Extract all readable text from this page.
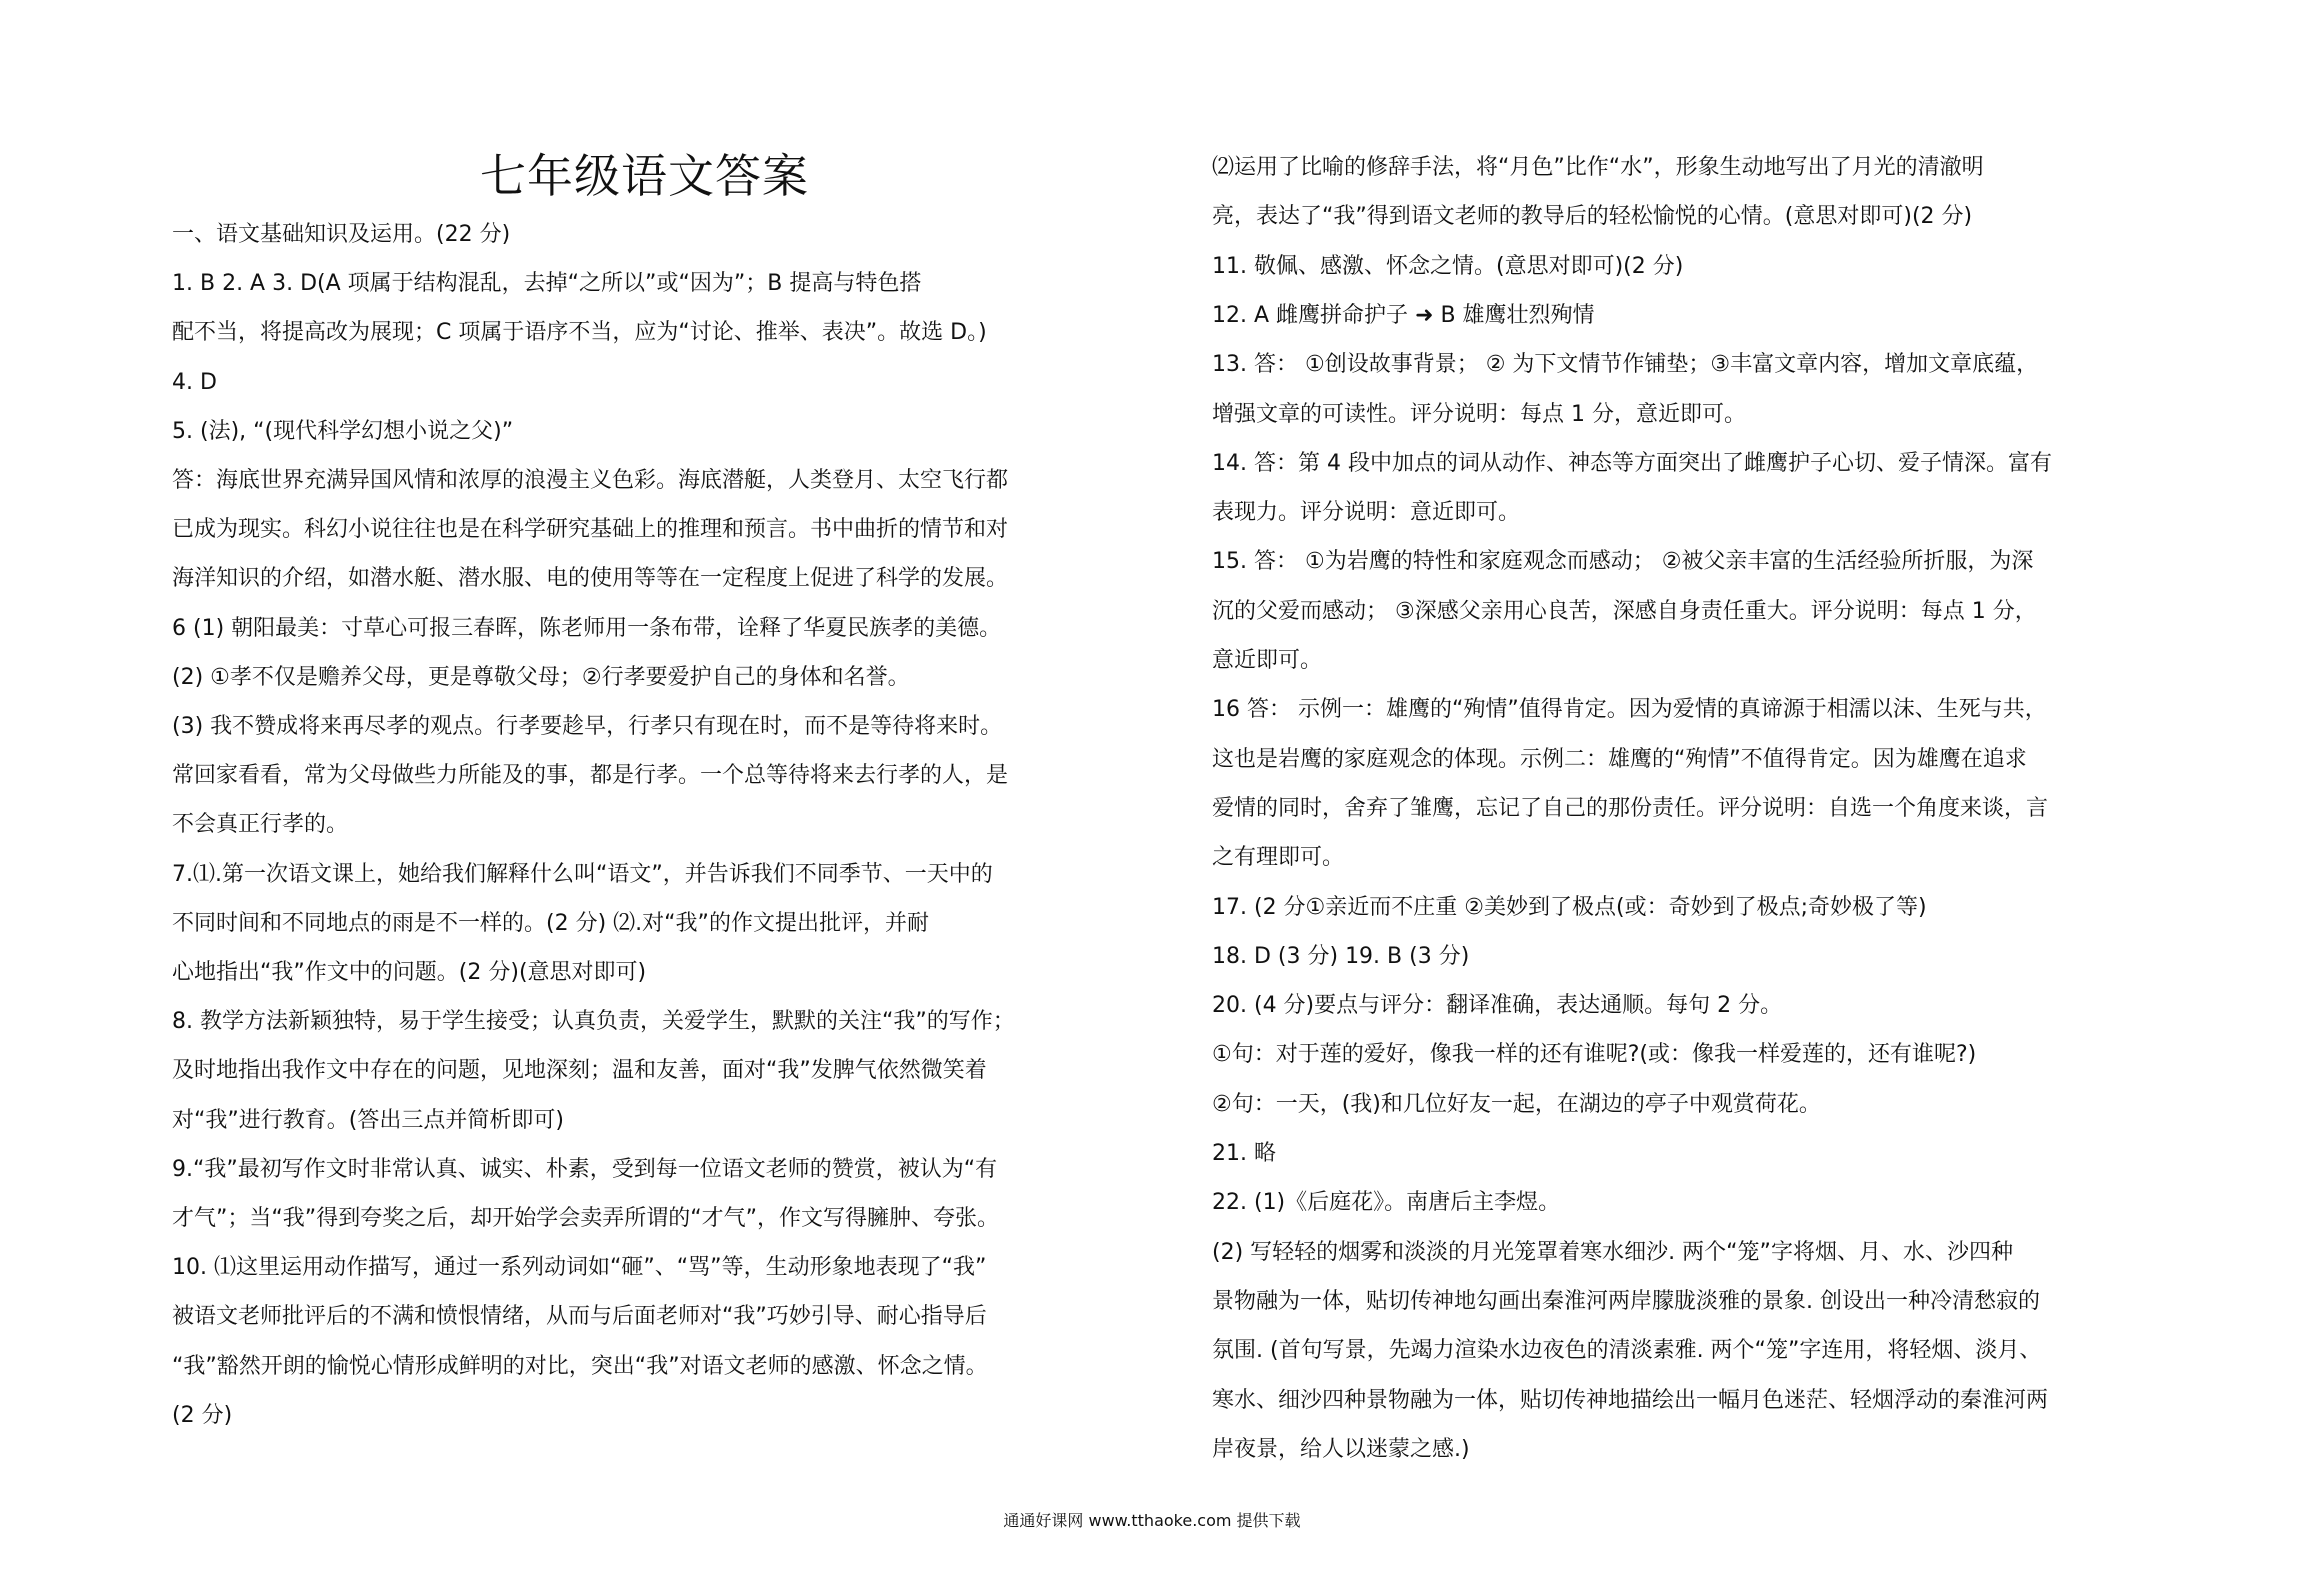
七年级语文答案
一、语文基础知识及运用。(22 分)
1. B 2. A 3. D(A 项属于结构混乱，去掉“之所以”或“因为”；B 提高与特色搭
配不当，将提高改为展现；C 项属于语序不当，应为“讨论、推举、表决”。故选 D。)
4. D
5. (法), “(现代科学幻想小说之父)”
答：海底世界充满异国风情和浓厚的浪漫主义色彩。海底潜艇，人类登月、太空飞行都
已成为现实。科幻小说往往也是在科学研究基础上的推理和预言。书中曲折的情节和对
海洋知识的介绍，如潜水艇、潜水服、电的使用等等在一定程度上促进了科学的发展。
6 (1) 朝阳最美：寸草心可报三春晖，陈老师用一条布带，诠释了华夏民族孝的美德。
(2) ①孝不仅是赡养父母，更是尊敬父母；②行孝要爱护自己的身体和名誉。
(3) 我不赞成将来再尽孝的观点。行孝要趁早，行孝只有现在时，而不是等待将来时。
常回家看看，常为父母做些力所能及的事，都是行孝。一个总等待将来去行孝的人，是
不会真正行孝的。
7.⑴.第一次语文课上，她给我们解释什么叫“语文”，并告诉我们不同季节、一天中的
不同时间和不同地点的雨是不一样的。(2 分) ⑵.对“我”的作文提出批评，并耐
心地指出“我”作文中的问题。(2 分)(意思对即可)
8. 教学方法新颖独特，易于学生接受；认真负责，关爱学生，默默的关注“我”的写作；
及时地指出我作文中存在的问题，见地深刻；温和友善，面对“我”发脾气依然微笑着
对“我”进行教育。(答出三点并简析即可)
9.“我”最初写作文时非常认真、诚实、朴素，受到每一位语文老师的赞赏，被认为“有
才气”；当“我”得到夸奖之后，却开始学会卖弄所谓的“才气”，作文写得臃肿、夸张。
10. ⑴这里运用动作描写，通过一系列动词如“砸”、“骂”等，生动形象地表现了“我”
被语文老师批评后的不满和愤恨情绪，从而与后面老师对“我”巧妙引导、耐心指导后
“我”豁然开朗的愉悦心情形成鲜明的对比，突出“我”对语文老师的感激、怀念之情。
(2 分)
⑵运用了比喻的修辞手法，将“月色”比作“水”，形象生动地写出了月光的清澈明
亮，表达了“我”得到语文老师的教导后的轻松愉悦的心情。(意思对即可)(2 分)
11. 敬佩、感激、怀念之情。(意思对即可)(2 分)
12. A 雌鹰拼命护子 ➜ B 雄鹰壮烈殉情
13. 答： ①创设故事背景； ② 为下文情节作铺垫；③丰富文章内容，增加文章底蕴，
增强文章的可读性。评分说明：每点 1 分，意近即可。
14. 答：第 4 段中加点的词从动作、神态等方面突出了雌鹰护子心切、爱子情深。富有
表现力。评分说明：意近即可。
15. 答： ①为岩鹰的特性和家庭观念而感动； ②被父亲丰富的生活经验所折服，为深
沉的父爱而感动； ③深感父亲用心良苦，深感自身责任重大。评分说明：每点 1 分，
意近即可。
16 答： 示例一：雄鹰的“殉情”值得肯定。因为爱情的真谛源于相濡以沫、生死与共，
这也是岩鹰的家庭观念的体现。示例二：雄鹰的“殉情”不值得肯定。因为雄鹰在追求
爱情的同时，舍弃了雏鹰，忘记了自己的那份责任。评分说明：自选一个角度来谈，言
之有理即可。
17. (2 分①亲近而不庄重 ②美妙到了极点(或：奇妙到了极点;奇妙极了等)
18. D (3 分) 19. B (3 分)
20. (4 分)要点与评分：翻译准确，表达通顺。每句 2 分。
①句：对于莲的爱好，像我一样的还有谁呢?(或：像我一样爱莲的，还有谁呢?)
②句：一天，(我)和几位好友一起，在湖边的亭子中观赏荷花。
21. 略
22. (1)《后庭花》。南唐后主李煜。
(2) 写轻轻的烟雾和淡淡的月光笼罩着寒水细沙. 两个“笼”字将烟、月、水、沙四种
景物融为一体，贴切传神地勾画出秦淮河两岸朦胧淡雅的景象. 创设出一种冷清愁寂的
氛围. (首句写景，先竭力渲染水边夜色的清淡素雅. 两个“笼”字连用，将轻烟、淡月、
寒水、细沙四种景物融为一体，贴切传神地描绘出一幅月色迷茫、轻烟浮动的秦淮河两
岸夜景，给人以迷蒙之感.)
通通好课网 www.tthaoke.com 提供下载
